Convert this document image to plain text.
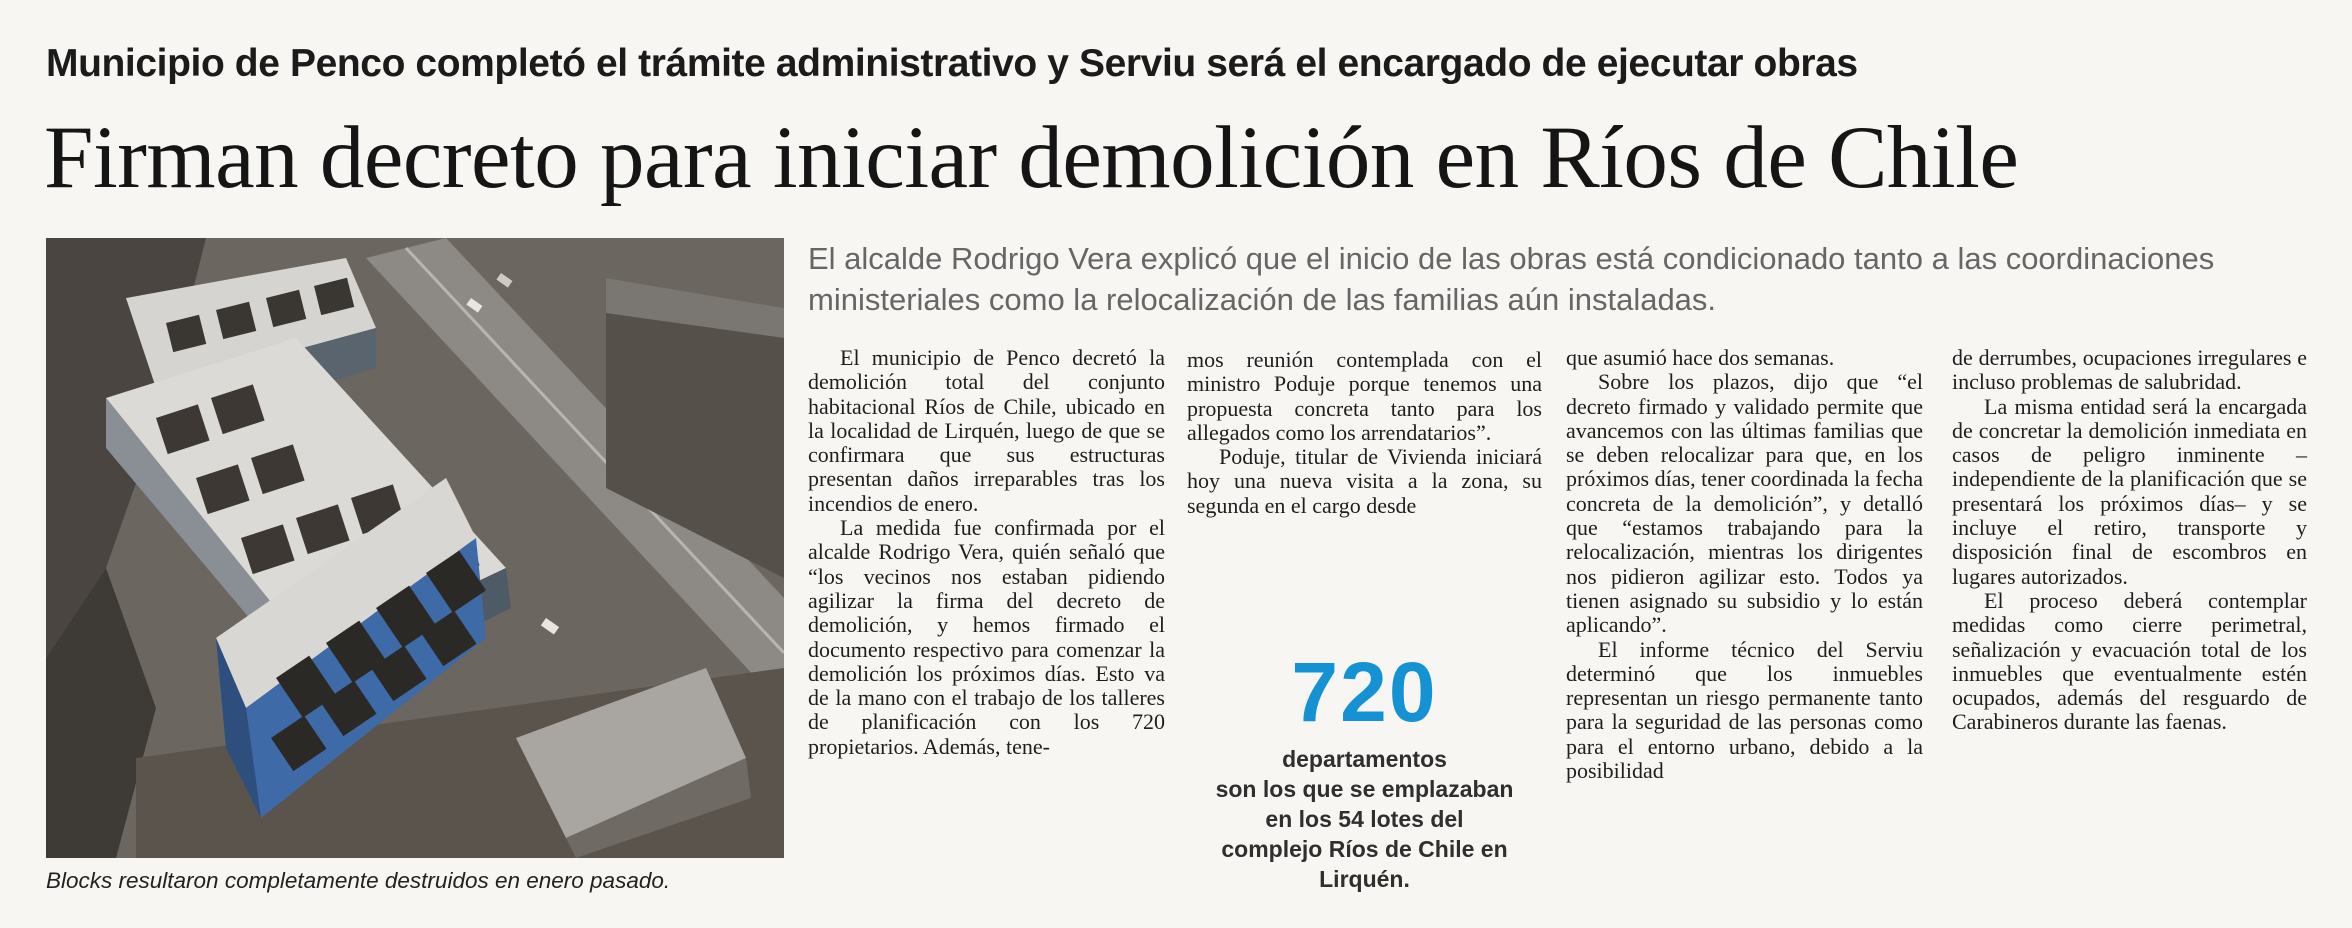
Municipio de Penco completó el trámite administrativo y Serviu será el encargado de ejecutar obras
Firman decreto para iniciar demolición en Ríos de Chile
Blocks resultaron completamente destruidos en enero pasado.
El alcalde Rodrigo Vera explicó que el inicio de las obras está condicionado tanto a las coordinaciones ministeriales como la relocalización de las familias aún instaladas.

El municipio de Penco decretó la demolición total del conjunto habitacional Ríos de Chile, ubicado en la localidad de Lirquén, luego de que se confirmara que sus estructuras presentan daños irreparables tras los incendios de enero.

La medida fue confirmada por el alcalde Rodrigo Vera, quién señaló que “los vecinos nos estaban pidiendo agilizar la firma del decreto de demolición, y hemos firmado el documento respectivo para comenzar la demolición los próximos días. Esto va de la mano con el trabajo de los talleres de planificación con los 720 propietarios. Además, tene-

mos reunión contemplada con el ministro Poduje porque tenemos una propuesta concreta tanto para los allegados como los arrendatarios”.

Poduje, titular de Vivienda iniciará hoy una nueva visita a la zona, su segunda en el cargo desde

720
departamentos
son los que se emplazaban
en los 54 lotes del
complejo Ríos de Chile en
Lirquén.

que asumió hace dos semanas.

Sobre los plazos, dijo que “el decreto firmado y validado permite que avancemos con las últimas familias que se deben relocalizar para que, en los próximos días, tener coordinada la fecha concreta de la demolición”, y detalló que “estamos trabajando para la relocalización, mientras los dirigentes nos pidieron agilizar esto. Todos ya tienen asignado su subsidio y lo están aplicando”.

El informe técnico del Serviu determinó que los inmuebles representan un riesgo permanente tanto para la seguridad de las personas como para el entorno urbano, debido a la posibilidad

de derrumbes, ocupaciones irregulares e incluso problemas de salubridad.

La misma entidad será la encargada de concretar la demolición inmediata en casos de peligro inminente –independiente de la planificación que se presentará los próximos días– y se incluye el retiro, transporte y disposición final de escombros en lugares autorizados.

El proceso deberá contemplar medidas como cierre perimetral, señalización y evacuación total de los inmuebles que eventualmente estén ocupados, además del resguardo de Carabineros durante las faenas.
